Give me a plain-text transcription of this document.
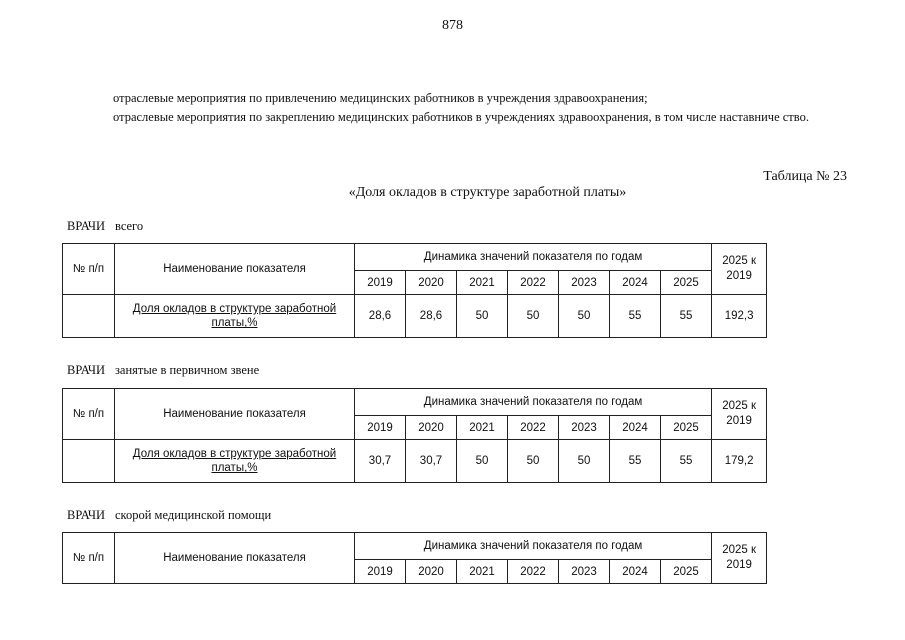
878
отраслевые мероприятия по привлечению медицинских работников в учреждения здравоохранения;
отраслевые мероприятия по закреплению медицинских работников в учреждениях здравоохранения, в том числе наставниче ство.
Таблица № 23
«Доля окладов в структуре заработной платы»
ВРАЧИ всего
№ п/п	Наименование показателя	Динамика значений показателя по годам							2025 к 2019
		2019	2020	2021	2022	2023	2024	2025	
	Доля окладов в структуре заработной платы,%	28,6	28,6	50	50	50	55	55	192,3
ВРАЧИ занятые в первичном звене
№ п/п	Наименование показателя	Динамика значений показателя по годам							2025 к 2019
		2019	2020	2021	2022	2023	2024	2025	
	Доля окладов в структуре заработной платы,%	30,7	30,7	50	50	50	55	55	179,2
ВРАЧИ скорой медицинской помощи
№ п/п	Наименование показателя	Динамика значений показателя по годам							2025 к 2019
		2019	2020	2021	2022	2023	2024	2025	
